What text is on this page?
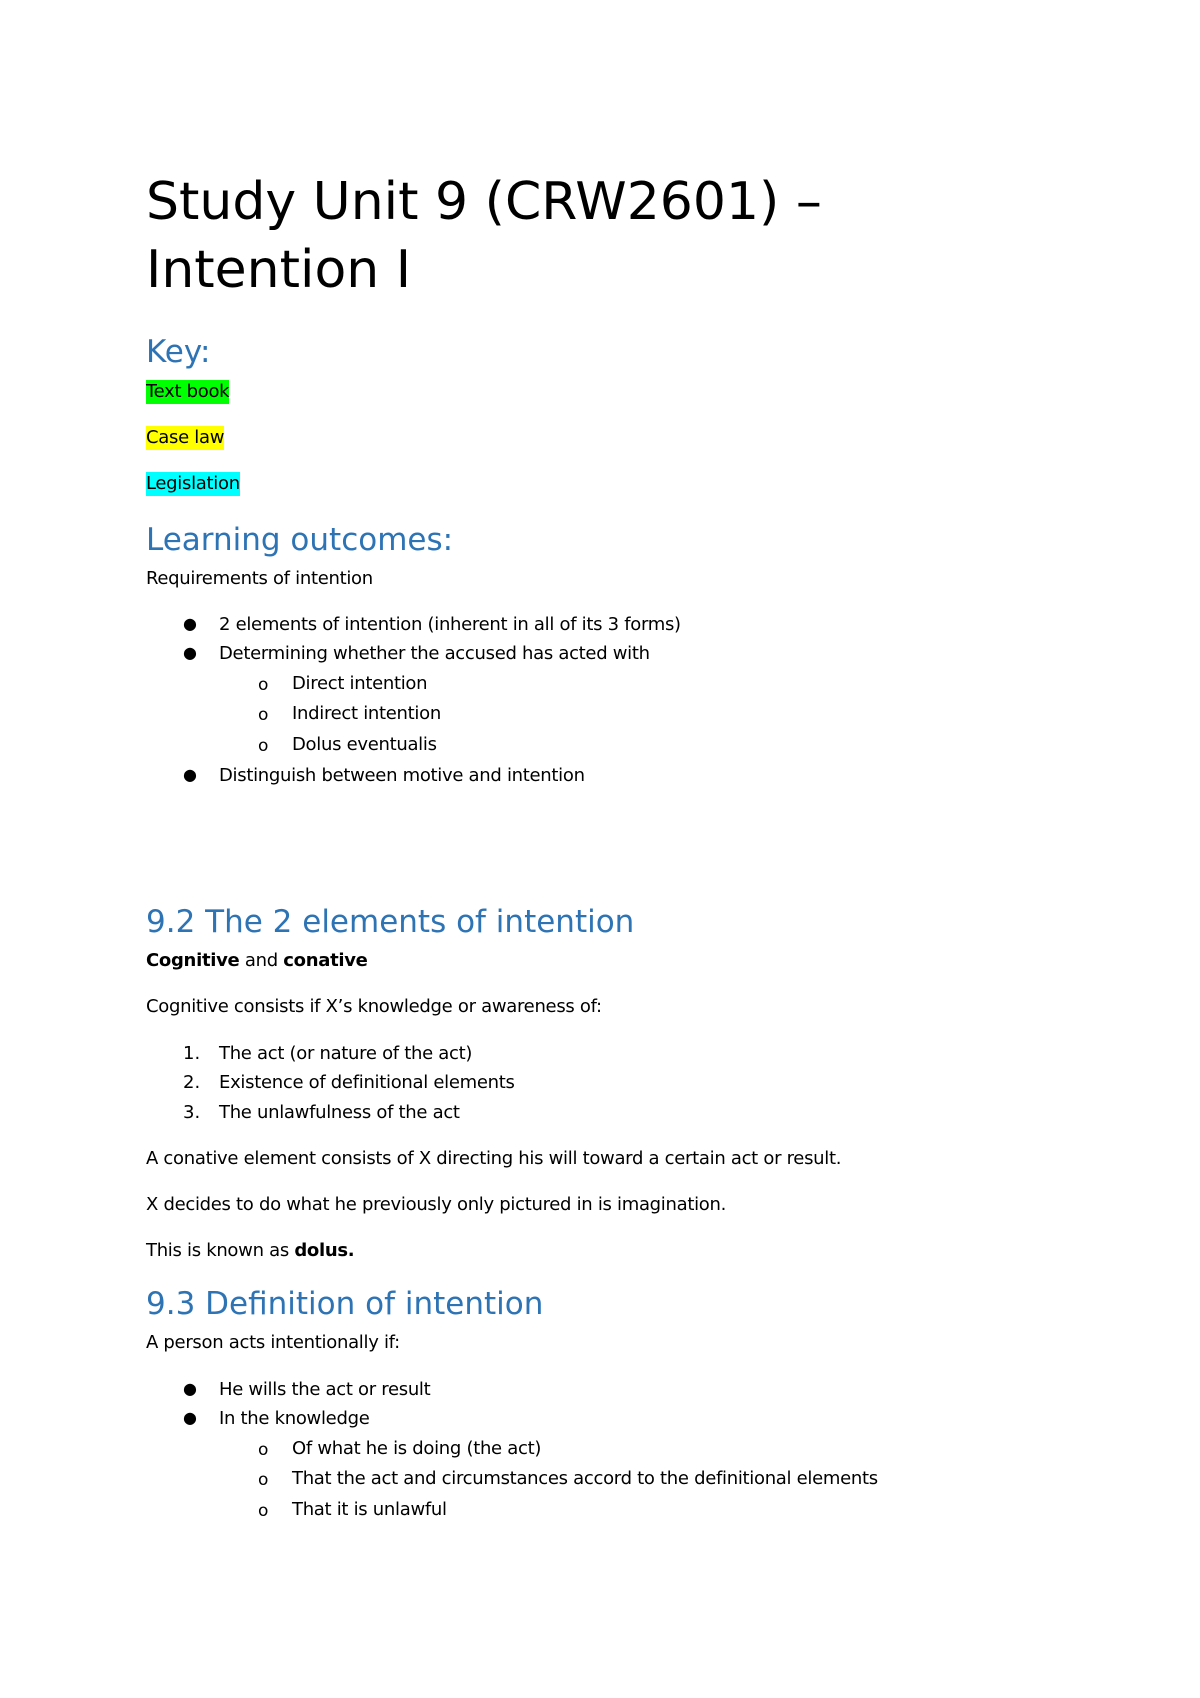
Study Unit 9 (CRW2601) –
Intention I
Key:
Text book
Case law
Legislation
Learning outcomes:
Requirements of intention
● 2 elements of intention (inherent in all of its 3 forms)
● Determining whether the accused has acted with
o Direct intention
o Indirect intention
o Dolus eventualis
● Distinguish between motive and intention
9.2 The 2 elements of intention
Cognitive and conative
Cognitive consists if X’s knowledge or awareness of:
1. The act (or nature of the act)
2. Existence of definitional elements
3. The unlawfulness of the act
A conative element consists of X directing his will toward a certain act or result.
X decides to do what he previously only pictured in is imagination.
This is known as dolus.
9.3 Definition of intention
A person acts intentionally if:
● He wills the act or result
● In the knowledge
o Of what he is doing (the act)
o That the act and circumstances accord to the definitional elements
o That it is unlawful
